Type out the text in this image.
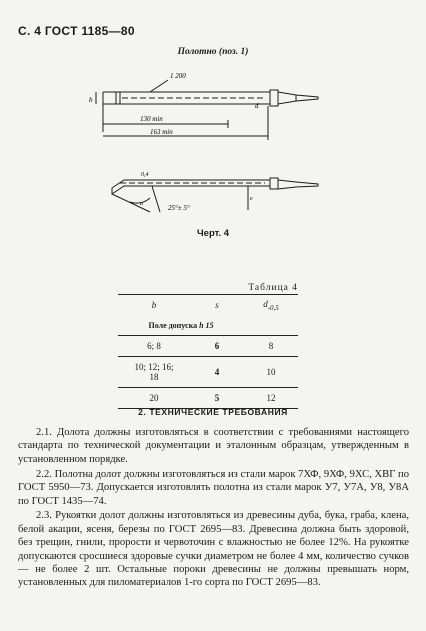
С. 4 ГОСТ 1185—80
Полотно (поз. 1)
1 200
b
d
130 min
163 min
0,4
a	25°± 5°
e
Черт. 4
Таблица 4
b	s	$d_{-0,5}$
Поле допуска h 15		
6; 8	6	8
10; 12; 16; 18	4	10
20	5	12
2. ТЕХНИЧЕСКИЕ ТРЕБОВАНИЯ

2.1. Долота должны изготовляться в соответствии с требованиями настоящего стандарта по технической документации и эталонным образцам, утвержденным в установленном порядке.

2.2. Полотна долот должны изготовляться из стали марок 7ХФ, 9ХФ, 9ХС, ХВГ по ГОСТ 5950—73. Допускается изготовлять полотна из стали марок У7, У7А, У8, У8А по ГОСТ 1435—74.

2.3. Рукоятки долот должны изготовляться из древесины дуба, бука, граба, клена, белой акации, ясеня, березы по ГОСТ 2695—83. Древесина должна быть здоровой, без трещин, гнили, прорости и червоточин с влажностью не более 12%. На рукоятке допускаются сросшиеся здоровые сучки диаметром не более 4 мм, количество сучков — не более 2 шт. Остальные пороки древесины не должны превышать норм, установленных для пиломатериалов 1-го сорта по ГОСТ 2695—83.
